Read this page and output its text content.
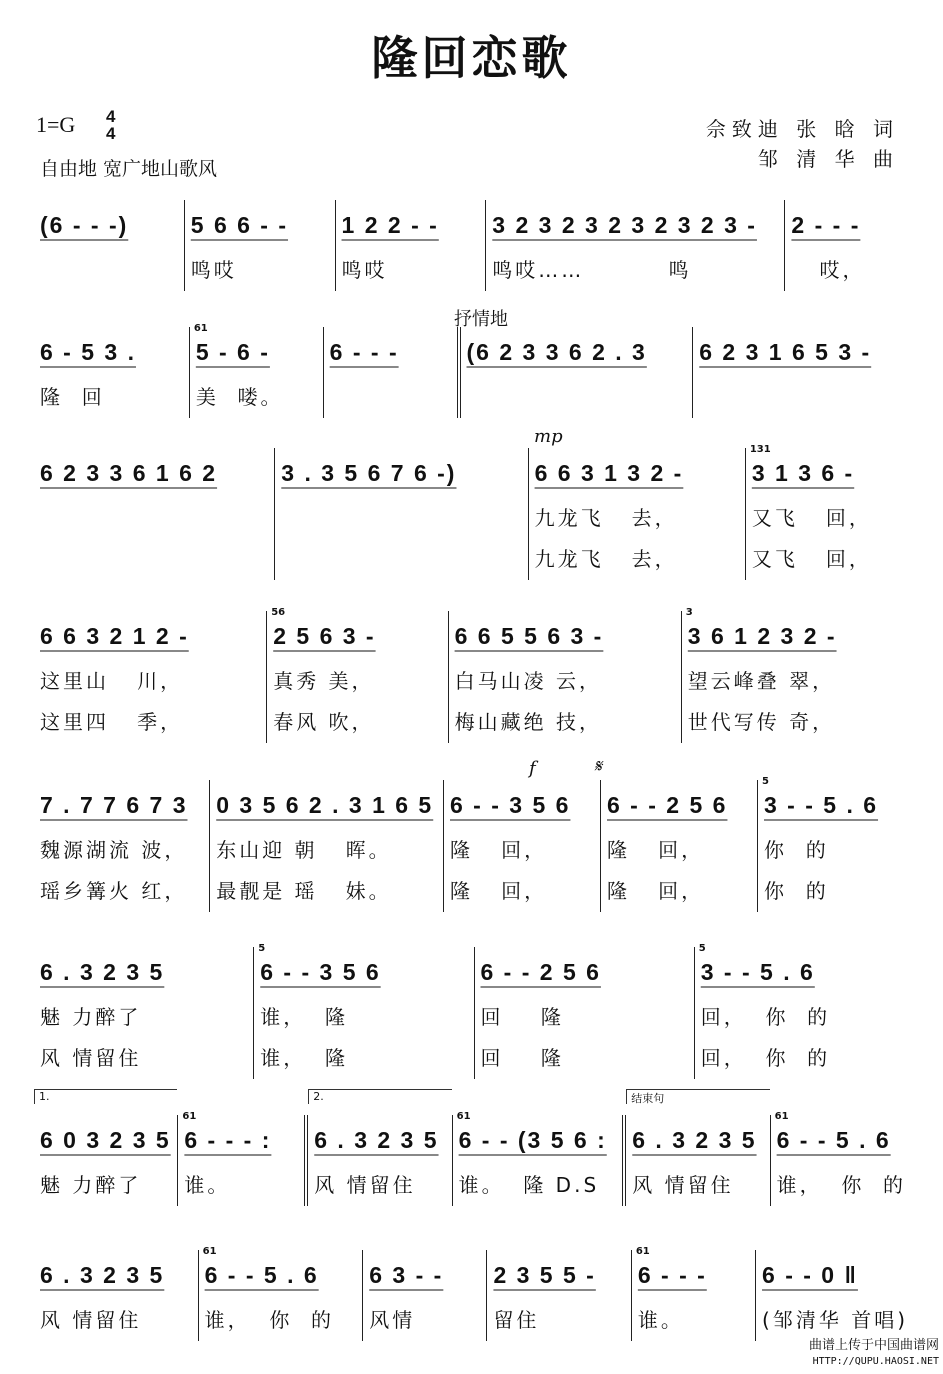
隆回恋歌
1=G 4
4
自由地 宽广地山歌风
佘致迪 张 晗 词
邹 清 华 曲
(6 - - -)	5 6 6 - -
鸣哎
1 2 2 - -
鸣哎
3 2 3 2 3 2 3 2 3 2 3 -
鸣哎……         鸣
2 - - -
哎，
6 - 5 3 .
隆  回
5 - 6 -
61
美  喽。
6 - - -	(6 2 3 3 6 2 . 3	6 2 3 1 6 5 3 -
抒情地
6 2 3 3 6 1 6 2	3 . 3 5 6 7 6 -)	6 6 3 1 3 2 -
九龙飞   去，
九龙飞   去，
3 1 3 6 -
131
又飞   回，
又飞   回，
mp
6 6 3 2 1 2 -
这里山   川，
这里四   季，
2 5 6 3 -
56
真秀 美，
春风 吹，
6 6 5 5 6 3 -
白马山凌 云，
梅山藏绝 技，
3 6 1 2 3 2 -
3
望云峰叠 翠，
世代写传 奇，
7 . 7 7 6 7 3
魏源湖流 波，
瑶乡篝火 红，
0 3 5 6 2 . 3 1 6 5
东山迎 朝   晖。
最靓是 瑶   妹。
6 - - 3 5 6
隆   回，
隆   回，
6 - - 2 5 6
隆   回，
隆   回，
3 - - 5 . 6
5
你  的
你  的
f	𝄋
6 . 3 2 3 5
魅 力醉了
风 情留住
6 - - 3 5 6
5
谁，  隆
谁，  隆
6 - - 2 5 6
回    隆
回    隆
3 - - 5 . 6
5
回，  你  的
回，  你  的
6 0 3 2 3 5
1.
魅 力醉了
6 - - - :
61
谁。
6 . 3 2 3 5
2.
风 情留住
6 - - (3 5 6 :
61
谁。  隆 D.S
6 . 3 2 3 5
结束句
风 情留住
6 - - 5 . 6
61
谁，  你  的
6 . 3 2 3 5
风 情留住
6 - - 5 . 6
61
谁，  你  的
6 3 - -
风情
2 3 5 5 -
留住
6 - - -
61
谁。
6 - - 0 ‖
(邹清华 首唱)
曲谱上传于中国曲谱网
HTTP://QUPU.HAOSI.NET
